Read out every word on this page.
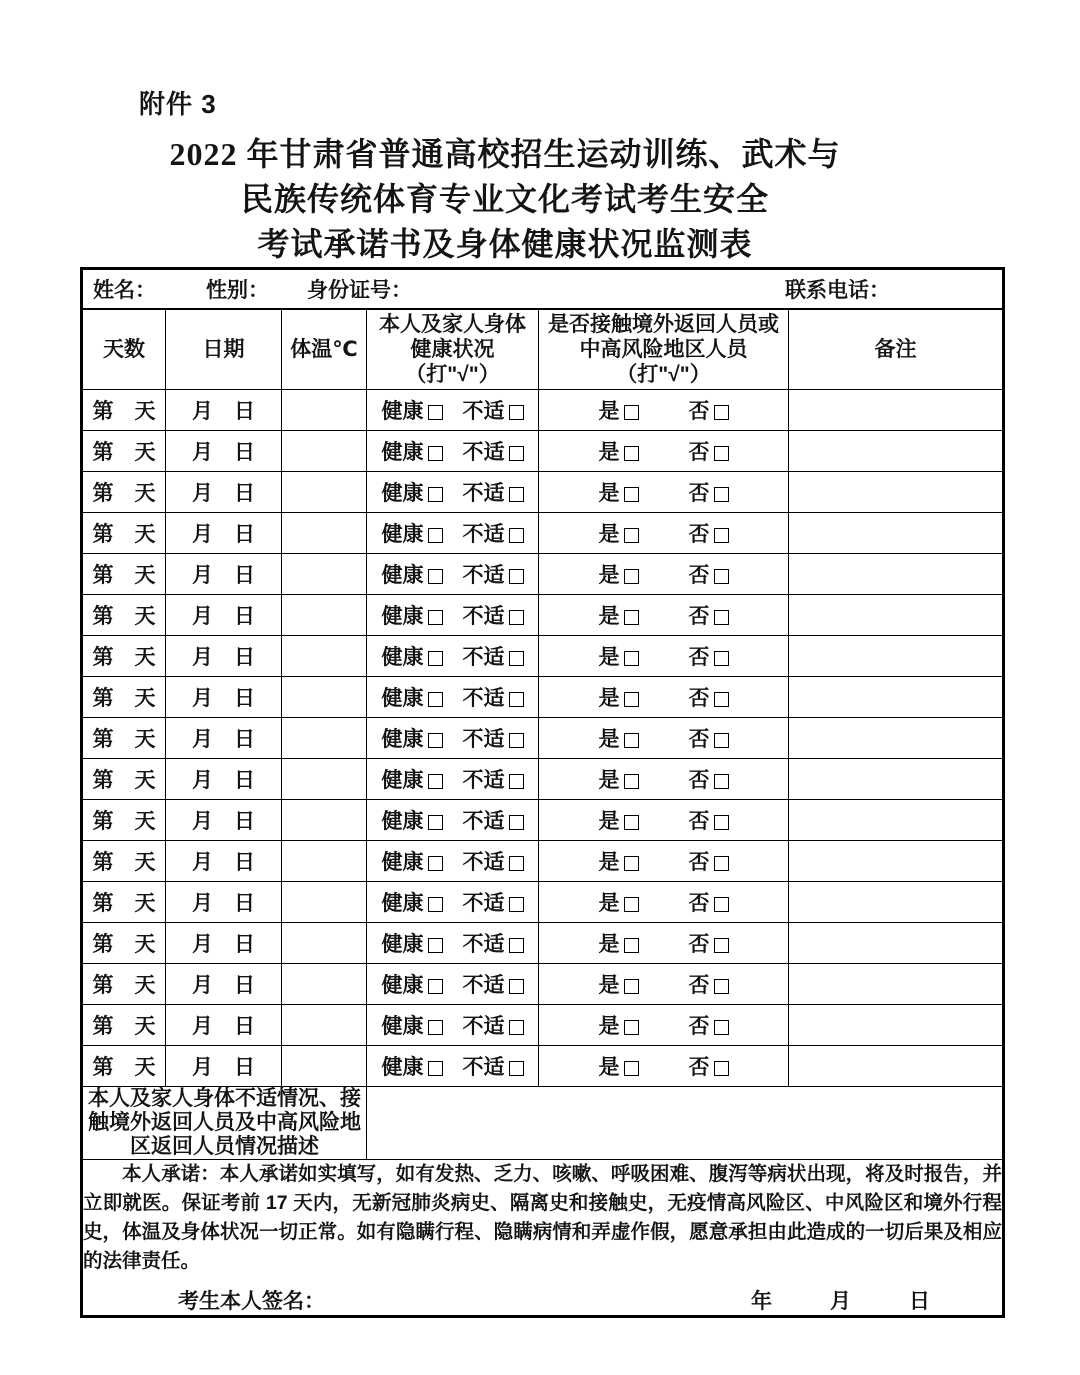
附件 3
2022 年甘肃省普通高校招生运动训练、武术与
民族传统体育专业文化考试考生安全
考试承诺书及身体健康状况监测表
姓名： 性别： 身份证号： 联系电话：					

天数	日期	体温℃	本人及家人身体健康状况（打"√"）	是否接触境外返回人员或中高风险地区人员（打"√"）	备注
第　天	月　日		健康 不适	是 否	
第　天	月　日		健康 不适	是 否	
第　天	月　日		健康 不适	是 否	
第　天	月　日		健康 不适	是 否	
第　天	月　日		健康 不适	是 否	
第　天	月　日		健康 不适	是 否	
第　天	月　日		健康 不适	是 否	
第　天	月　日		健康 不适	是 否	
第　天	月　日		健康 不适	是 否	
第　天	月　日		健康 不适	是 否	
第　天	月　日		健康 不适	是 否	
第　天	月　日		健康 不适	是 否	
第　天	月　日		健康 不适	是 否	
第　天	月　日		健康 不适	是 否	
第　天	月　日		健康 不适	是 否	
第　天	月　日		健康 不适	是 否	
第　天	月　日		健康 不适	是 否	
本人及家人身体不适情况、接触境外返回人员及中高风险地区返回人员情况描述					

本人承诺：本人承诺如实填写，如有发热、乏力、咳嗽、呼吸困难、腹泻等病状出现，将及时报告，并立即就医。保证考前 17 天内，无新冠肺炎病史、隔离史和接触史，无疫情高风险区、中风险区和境外行程史，体温及身体状况一切正常。如有隐瞒行程、隐瞒病情和弄虚作假，愿意承担由此造成的一切后果及相应的法律责任。

考生本人签名： 年 月 日					
